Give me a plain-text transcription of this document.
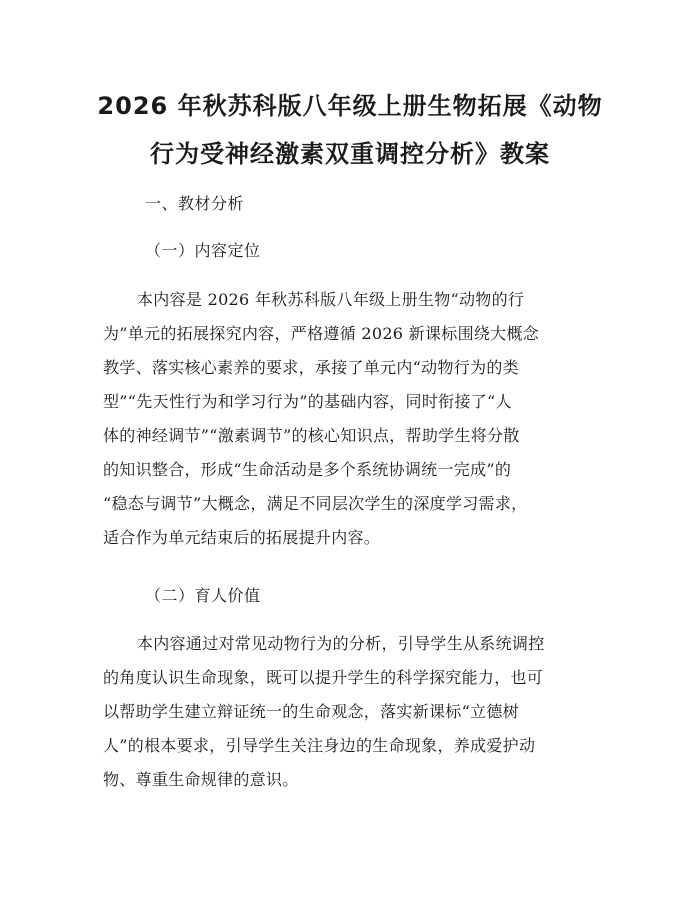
2026 年秋苏科版八年级上册生物拓展《动物
行为受神经激素双重调控分析》教案

一、教材分析

（一）内容定位

本内容是 2026 年秋苏科版八年级上册生物“动物的行
为”单元的拓展探究内容，严格遵循 2026 新课标围绕大概念
教学、落实核心素养的要求，承接了单元内“动物行为的类
型”“先天性行为和学习行为”的基础内容，同时衔接了“人
体的神经调节”“激素调节”的核心知识点，帮助学生将分散
的知识整合，形成“生命活动是多个系统协调统一完成”的
“稳态与调节”大概念，满足不同层次学生的深度学习需求，
适合作为单元结束后的拓展提升内容。

（二）育人价值

本内容通过对常见动物行为的分析，引导学生从系统调控
的角度认识生命现象，既可以提升学生的科学探究能力，也可
以帮助学生建立辩证统一的生命观念，落实新课标“立德树
人”的根本要求，引导学生关注身边的生命现象，养成爱护动
物、尊重生命规律的意识。
